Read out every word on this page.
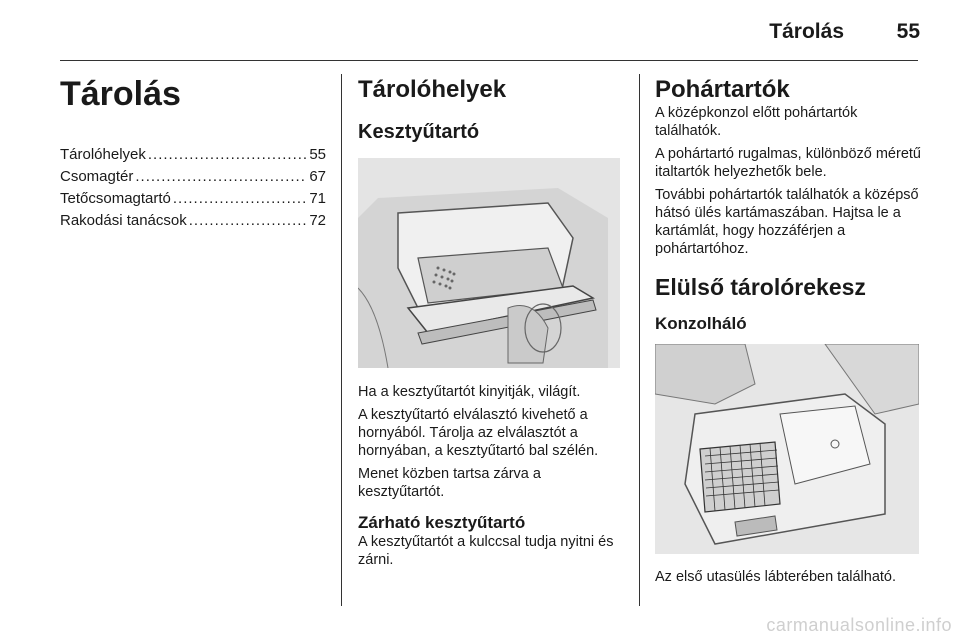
Tárolás	55
Tárolás
Tárolóhelyek .....	55
Csomagtér .....	67
Tetőcsomagtartó .....	71
Rakodási tanácsok .....	72
Tárolóhelyek
Kesztyűtartó

Ha a kesztyűtartót kinyitják, világít.

A kesztyűtartó elválasztó kivehető a hornyából. Tárolja az elválasztót a hornyában, a kesztyűtartó bal szélén.

Menet közben tartsa zárva a kesztyűtartót.

Zárható kesztyűtartó

A kesztyűtartót a kulccsal tudja nyitni és zárni.

Pohártartók

A középkonzol előtt pohártartók találhatók.

A pohártartó rugalmas, különböző méretű italtartók helyezhetők bele.

További pohártartók találhatók a középső hátsó ülés kartámaszában. Hajtsa le a kartámlát, hogy hozzáférjen a pohártartóhoz.

Elülső tárolórekesz
Konzolháló

Az első utasülés lábterében található.

carmanualsonline.info
